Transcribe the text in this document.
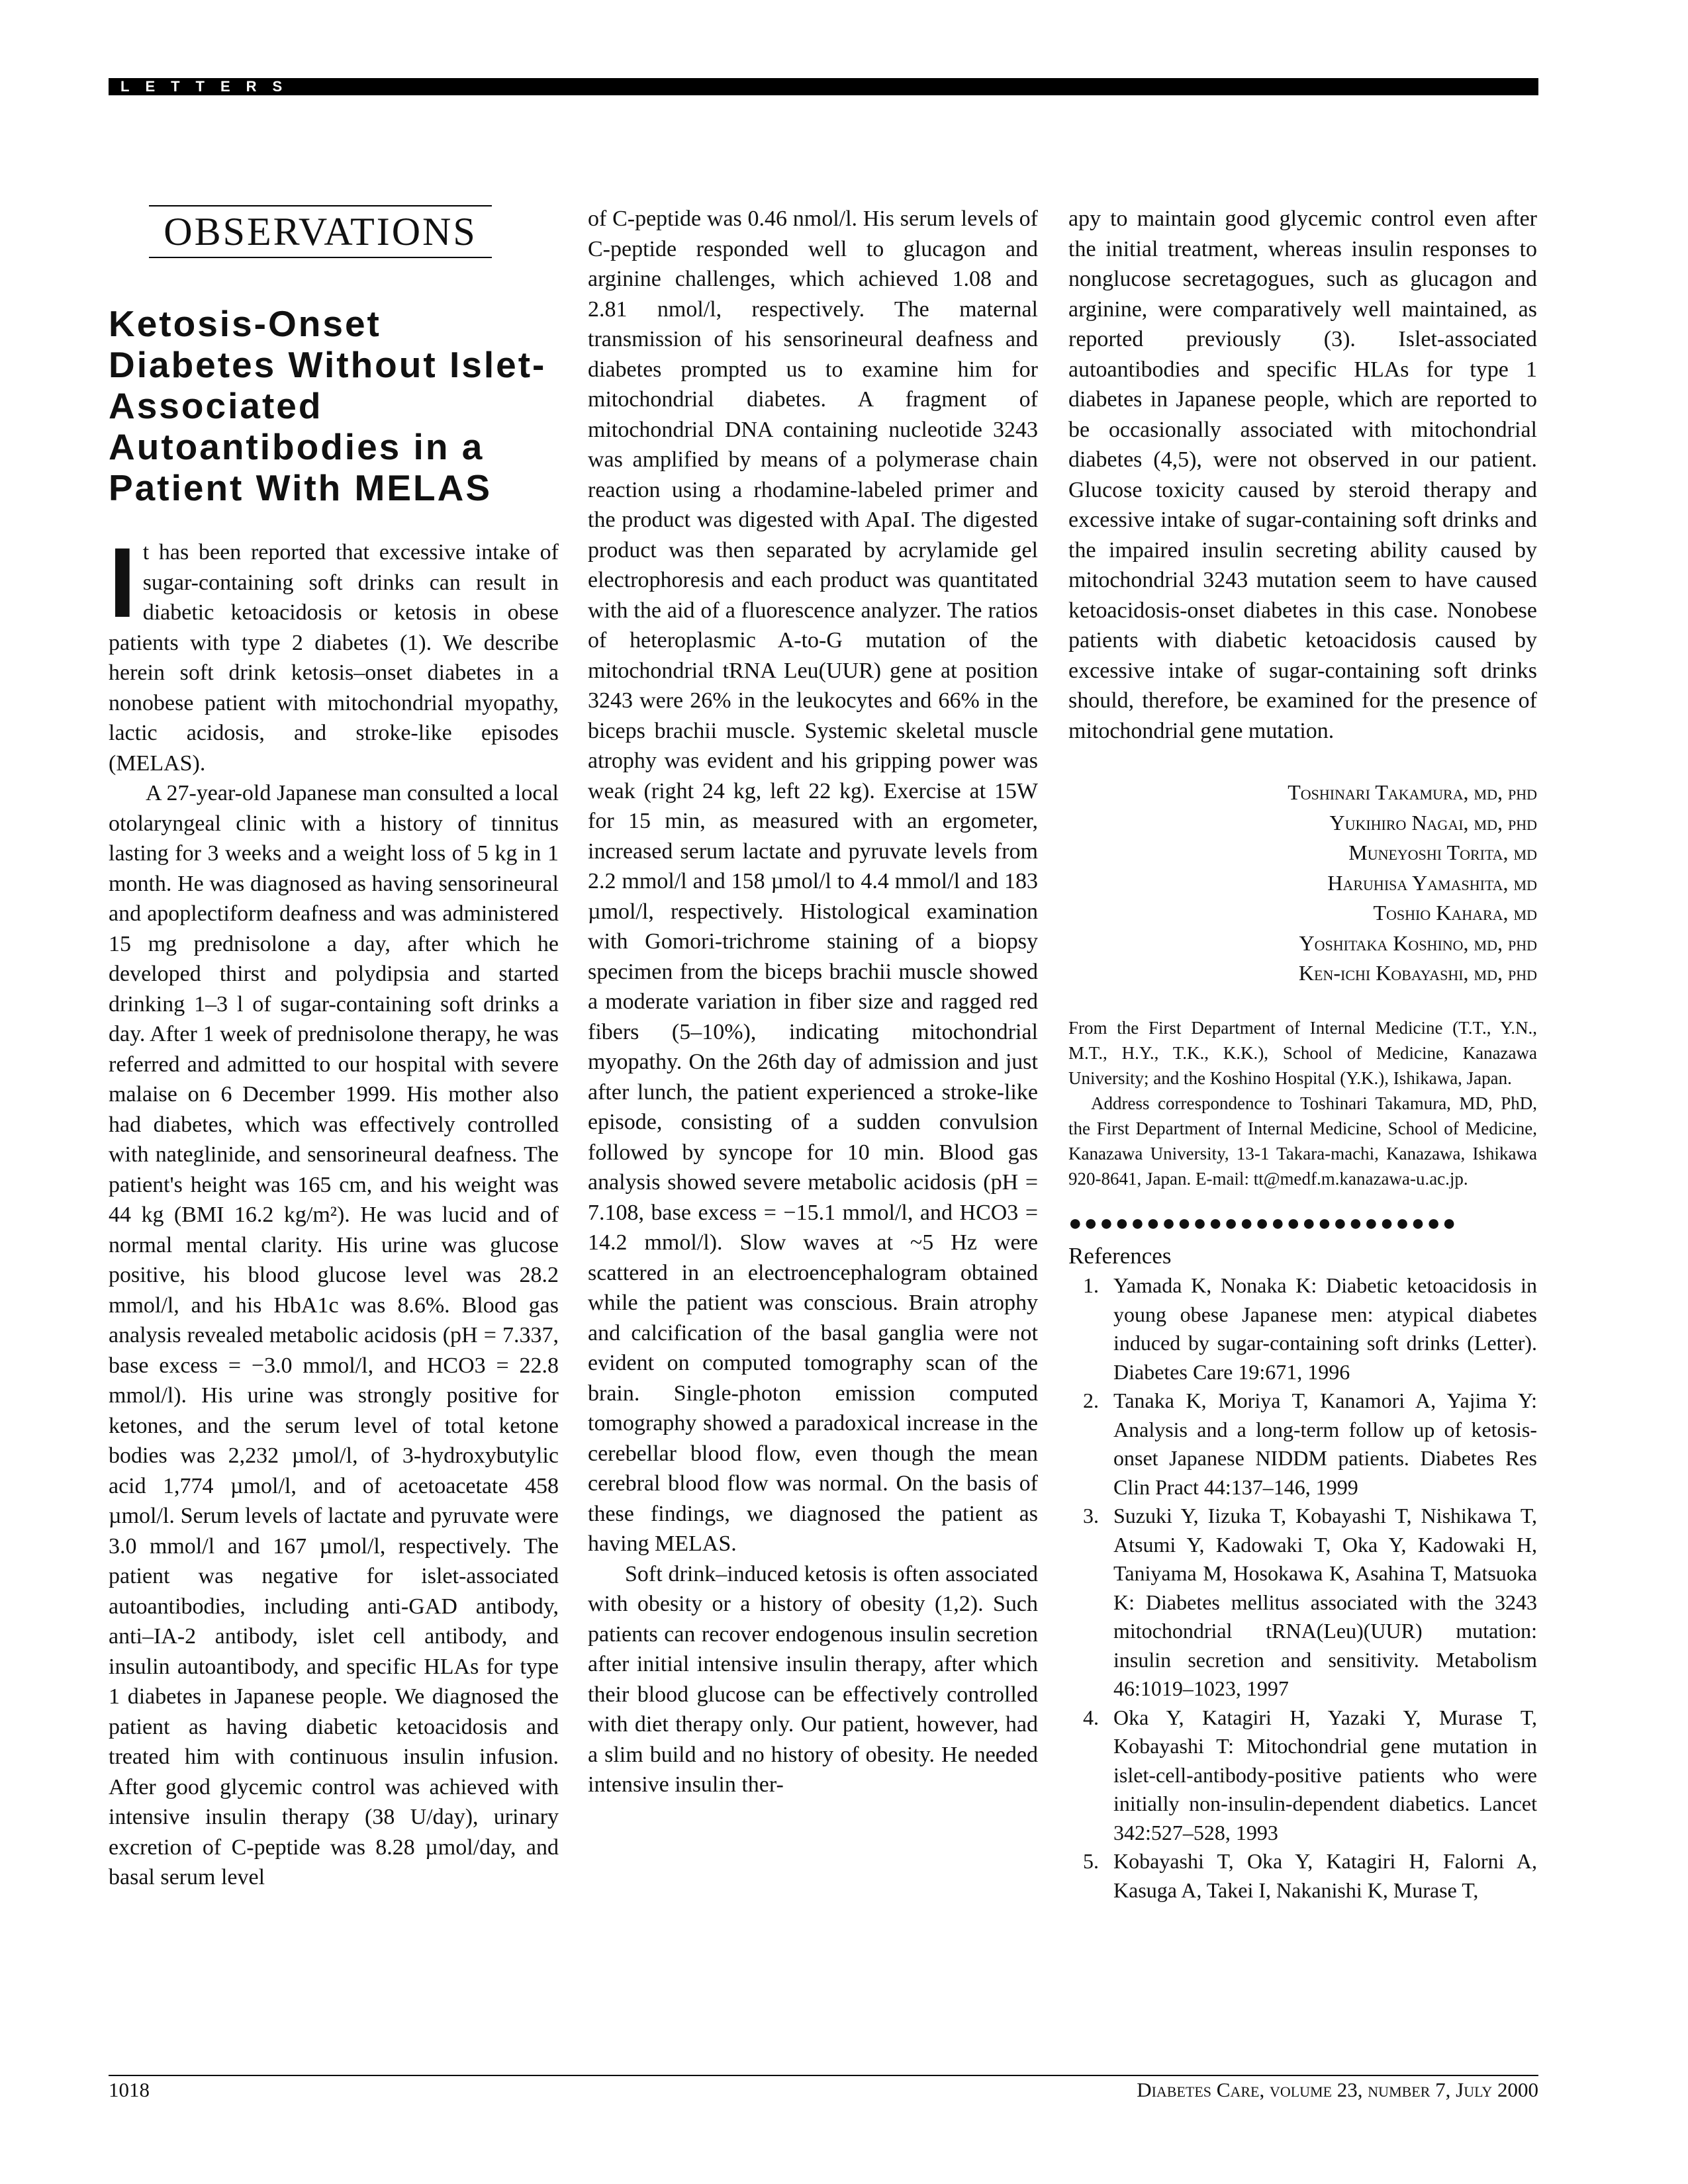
LETTERS
OBSERVATIONS
Ketosis-Onset Diabetes Without Islet-Associated Autoantibodies in a Patient With MELAS

It has been reported that excessive intake of sugar-containing soft drinks can result in diabetic ketoacidosis or ketosis in obese patients with type 2 diabetes (1). We describe herein soft drink ketosis–onset diabetes in a nonobese patient with mitochondrial myopathy, lactic acidosis, and stroke-like episodes (MELAS).

A 27-year-old Japanese man consulted a local otolaryngeal clinic with a history of tinnitus lasting for 3 weeks and a weight loss of 5 kg in 1 month. He was diagnosed as having sensorineural and apoplectiform deafness and was administered 15 mg prednisolone a day, after which he developed thirst and polydipsia and started drinking 1–3 l of sugar-containing soft drinks a day. After 1 week of prednisolone therapy, he was referred and admitted to our hospital with severe malaise on 6 December 1999. His mother also had diabetes, which was effectively controlled with nateglinide, and sensorineural deafness. The patient's height was 165 cm, and his weight was 44 kg (BMI 16.2 kg/m²). He was lucid and of normal mental clarity. His urine was glucose positive, his blood glucose level was 28.2 mmol/l, and his HbA1c was 8.6%. Blood gas analysis revealed metabolic acidosis (pH = 7.337, base excess = −3.0 mmol/l, and HCO3 = 22.8 mmol/l). His urine was strongly positive for ketones, and the serum level of total ketone bodies was 2,232 µmol/l, of 3-hydroxybutylic acid 1,774 µmol/l, and of acetoacetate 458 µmol/l. Serum levels of lactate and pyruvate were 3.0 mmol/l and 167 µmol/l, respectively. The patient was negative for islet-associated autoantibodies, including anti-GAD antibody, anti–IA-2 antibody, islet cell antibody, and insulin autoantibody, and specific HLAs for type 1 diabetes in Japanese people. We diagnosed the patient as having diabetic ketoacidosis and treated him with continuous insulin infusion. After good glycemic control was achieved with intensive insulin therapy (38 U/day), urinary excretion of C-peptide was 8.28 µmol/day, and basal serum level

of C-peptide was 0.46 nmol/l. His serum levels of C-peptide responded well to glucagon and arginine challenges, which achieved 1.08 and 2.81 nmol/l, respectively. The maternal transmission of his sensorineural deafness and diabetes prompted us to examine him for mitochondrial diabetes. A fragment of mitochondrial DNA containing nucleotide 3243 was amplified by means of a polymerase chain reaction using a rhodamine-labeled primer and the product was digested with ApaI. The digested product was then separated by acrylamide gel electrophoresis and each product was quantitated with the aid of a fluorescence analyzer. The ratios of heteroplasmic A-to-G mutation of the mitochondrial tRNA Leu(UUR) gene at position 3243 were 26% in the leukocytes and 66% in the biceps brachii muscle. Systemic skeletal muscle atrophy was evident and his gripping power was weak (right 24 kg, left 22 kg). Exercise at 15W for 15 min, as measured with an ergometer, increased serum lactate and pyruvate levels from 2.2 mmol/l and 158 µmol/l to 4.4 mmol/l and 183 µmol/l, respectively. Histological examination with Gomori-trichrome staining of a biopsy specimen from the biceps brachii muscle showed a moderate variation in fiber size and ragged red fibers (5–10%), indicating mitochondrial myopathy. On the 26th day of admission and just after lunch, the patient experienced a stroke-like episode, consisting of a sudden convulsion followed by syncope for 10 min. Blood gas analysis showed severe metabolic acidosis (pH = 7.108, base excess = −15.1 mmol/l, and HCO3 = 14.2 mmol/l). Slow waves at ~5 Hz were scattered in an electroencephalogram obtained while the patient was conscious. Brain atrophy and calcification of the basal ganglia were not evident on computed tomography scan of the brain. Single-photon emission computed tomography showed a paradoxical increase in the cerebellar blood flow, even though the mean cerebral blood flow was normal. On the basis of these findings, we diagnosed the patient as having MELAS.

Soft drink–induced ketosis is often associated with obesity or a history of obesity (1,2). Such patients can recover endogenous insulin secretion after initial intensive insulin therapy, after which their blood glucose can be effectively controlled with diet therapy only. Our patient, however, had a slim build and no history of obesity. He needed intensive insulin ther-

apy to maintain good glycemic control even after the initial treatment, whereas insulin responses to nonglucose secretagogues, such as glucagon and arginine, were comparatively well maintained, as reported previously (3). Islet-associated autoantibodies and specific HLAs for type 1 diabetes in Japanese people, which are reported to be occasionally associated with mitochondrial diabetes (4,5), were not observed in our patient. Glucose toxicity caused by steroid therapy and excessive intake of sugar-containing soft drinks and the impaired insulin secreting ability caused by mitochondrial 3243 mutation seem to have caused ketoacidosis-onset diabetes in this case. Nonobese patients with diabetic ketoacidosis caused by excessive intake of sugar-containing soft drinks should, therefore, be examined for the presence of mitochondrial gene mutation.

Toshinari Takamura, md, phd
Yukihiro Nagai, md, phd
Muneyoshi Torita, md
Haruhisa Yamashita, md
Toshio Kahara, md
Yoshitaka Koshino, md, phd
Ken-ichi Kobayashi, md, phd

From the First Department of Internal Medicine (T.T., Y.N., M.T., H.Y., T.K., K.K.), School of Medicine, Kanazawa University; and the Koshino Hospital (Y.K.), Ishikawa, Japan.

Address correspondence to Toshinari Takamura, MD, PhD, the First Department of Internal Medicine, School of Medicine, Kanazawa University, 13-1 Takara-machi, Kanazawa, Ishikawa 920-8641, Japan. E-mail: tt@medf.m.kanazawa-u.ac.jp.

●●●●●●●●●●●●●●●●●●●●●●●●●
References
1. Yamada K, Nonaka K: Diabetic ketoacidosis in young obese Japanese men: atypical diabetes induced by sugar-containing soft drinks (Letter). Diabetes Care 19:671, 1996
2. Tanaka K, Moriya T, Kanamori A, Yajima Y: Analysis and a long-term follow up of ketosis-onset Japanese NIDDM patients. Diabetes Res Clin Pract 44:137–146, 1999
3. Suzuki Y, Iizuka T, Kobayashi T, Nishikawa T, Atsumi Y, Kadowaki T, Oka Y, Kadowaki H, Taniyama M, Hosokawa K, Asahina T, Matsuoka K: Diabetes mellitus associated with the 3243 mitochondrial tRNA(Leu)(UUR) mutation: insulin secretion and sensitivity. Metabolism 46:1019–1023, 1997
4. Oka Y, Katagiri H, Yazaki Y, Murase T, Kobayashi T: Mitochondrial gene mutation in islet-cell-antibody-positive patients who were initially non-insulin-dependent diabetics. Lancet 342:527–528, 1993
5. Kobayashi T, Oka Y, Katagiri H, Falorni A, Kasuga A, Takei I, Nakanishi K, Murase T,
1018	Diabetes Care, volume 23, number 7, July 2000
